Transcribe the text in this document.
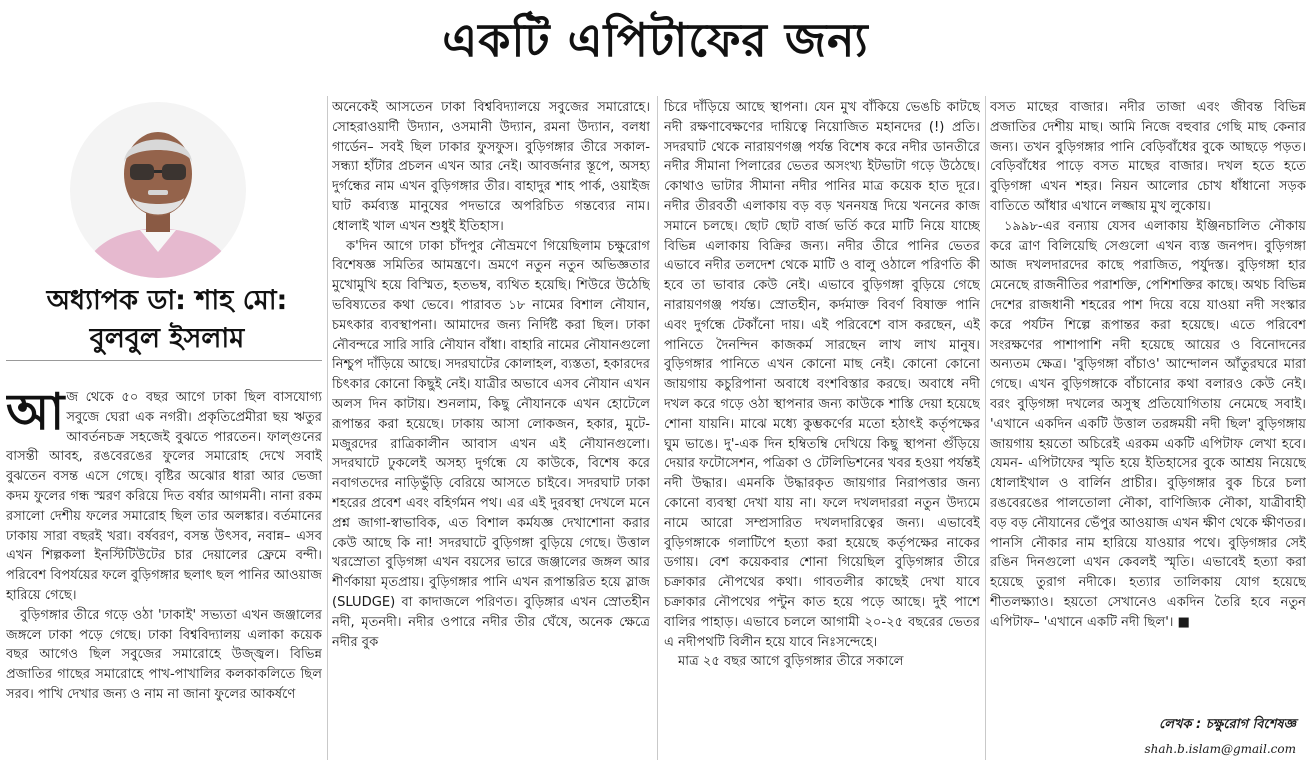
একটি এপিটাফের জন্য
অধ্যাপক ডা: শাহ মো:
বুলবুল ইসলাম

আজ থেকে ৫০ বছর আগে ঢাকা ছিল বাসযোগ্য সবুজে ঘেরা এক নগরী। প্রকৃতিপ্রেমীরা ছয় ঋতুর আবর্তনচক্র সহজেই বুঝতে পারতেন। ফাল্গুনের বাসন্তী আবহ, রঙবেরঙের ফুলের সমারোহ দেখে সবাই বুঝতেন বসন্ত এসে গেছে। বৃষ্টির অঝোর ধারা আর ভেজা কদম ফুলের গন্ধ স্মরণ করিয়ে দিত বর্ষার আগমনী। নানা রকম রসালো দেশীয় ফলের সমারোহ ছিল তার অলঙ্কার। বর্তমানের ঢাকায় সারা বছরই খরা। বর্ষবরণ, বসন্ত উৎসব, নবান্ন– এসব এখন শিল্পকলা ইনস্টিটিউটের চার দেয়ালের ফ্রেমে বন্দী। পরিবেশ বিপর্যয়ের ফলে বুড়িগঙ্গার ছলাৎ ছল পানির আওয়াজ হারিয়ে গেছে।

বুড়িগঙ্গার তীরে গড়ে ওঠা 'ঢাকাই' সভ্যতা এখন জঞ্জালের জঙ্গলে ঢাকা পড়ে গেছে। ঢাকা বিশ্ববিদ্যালয় এলাকা কয়েক বছর আগেও ছিল সবুজের সমারোহে উজ্জ্বল। বিভিন্ন প্রজাতির গাছের সমারোহে পাখ-পাখালির কলকাকলিতে ছিল সরব। পাখি দেখার জন্য ও নাম না জানা ফুলের আকর্ষণে

অনেকেই আসতেন ঢাকা বিশ্ববিদ্যালয়ে সবুজের সমারোহে। সোহরাওয়ার্দী উদ্যান, ওসমানী উদ্যান, রমনা উদ্যান, বলধা গার্ডেন– সবই ছিল ঢাকার ফুসফুস। বুড়িগঙ্গার তীরে সকাল-সন্ধ্যা হাঁটার প্রচলন এখন আর নেই। আবর্জনার স্তূপে, অসহ্য দুর্গন্ধের নাম এখন বুড়িগঙ্গার তীর। বাহাদুর শাহ পার্ক, ওয়াইজ ঘাট কর্মব্যস্ত মানুষের পদভারে অপরিচিত গন্তব্যের নাম। ধোলাই খাল এখন শুধুই ইতিহাস।

ক'দিন আগে ঢাকা চাঁদপুর নৌভ্রমণে গিয়েছিলাম চক্ষুরোগ বিশেষজ্ঞ সমিতির আমন্ত্রণে। ভ্রমণে নতুন নতুন অভিজ্ঞতার মুখোমুখি হয়ে বিস্মিত, হতভম্ব, ব্যথিত হয়েছি। শিউরে উঠেছি ভবিষ্যতের কথা ভেবে। পারাবত ১৮ নামের বিশাল নৌযান, চমৎকার ব্যবস্থাপনা। আমাদের জন্য নির্দিষ্ট করা ছিল। ঢাকা নৌবন্দরে সারি সারি নৌযান বাঁধা। বাহারি নামের নৌযানগুলো নিশ্চুপ দাঁড়িয়ে আছে। সদরঘাটের কোলাহল, ব্যস্ততা, হকারদের চিৎকার কোনো কিছুই নেই। যাত্রীর অভাবে এসব নৌযান এখন অলস দিন কাটায়। শুনলাম, কিছু নৌযানকে এখন হোটেলে রূপান্তর করা হয়েছে। ঢাকায় আসা লোকজন, হকার, মুটে-মজুরদের রাত্রিকালীন আবাস এখন এই নৌযানগুলো। সদরঘাটে ঢুকলেই অসহ্য দুর্গন্ধে যে কাউকে, বিশেষ করে নবাগতদের নাড়িভুঁড়ি বেরিয়ে আসতে চাইবে। সদরঘাট ঢাকা শহরের প্রবেশ এবং বহির্গমন পথ। এর এই দুরবস্থা দেখলে মনে প্রশ্ন জাগা-স্বাভাবিক, এত বিশাল কর্মযজ্ঞ দেখাশোনা করার কেউ আছে কি না! সদরঘাটে বুড়িগঙ্গা বুড়িয়ে গেছে। উত্তাল খরস্রোতা বুড়িগঙ্গা এখন বয়সের ভারে জঞ্জালের জঙ্গল আর শীর্ণকায়া মৃতপ্রায়। বুড়িগঙ্গার পানি এখন রূপান্তরিত হয়ে স্লাজ (SLUDGE) বা কাদাজলে পরিণত। বুড়িঙ্গার এখন স্রোতহীন নদী, মৃতনদী। নদীর ওপারে নদীর তীর ঘেঁষে, অনেক ক্ষেত্রে নদীর বুক

চিরে দাঁড়িয়ে আছে স্থাপনা। যেন মুখ বাঁকিয়ে ভেঙচি কাটছে নদী রক্ষণাবেক্ষণের দায়িত্বে নিয়োজিত মহানদের (!) প্রতি। সদরঘাট থেকে নারায়ণগঞ্জ পর্যন্ত বিশেষ করে নদীর ডানতীরে নদীর সীমানা পিলারের ভেতর অসংখ্য ইটভাটা গড়ে উঠেছে। কোথাও ভাটার সীমানা নদীর পানির মাত্র কয়েক হাত দূরে। নদীর তীরবর্তী এলাকায় বড় বড় খননযন্ত্র দিয়ে খননের কাজ সমানে চলছে। ছোট ছোট বার্জ ভর্তি করে মাটি নিয়ে যাচ্ছে বিভিন্ন এলাকায় বিক্রির জন্য। নদীর তীরে পানির ভেতর এভাবে নদীর তলদেশ থেকে মাটি ও বালু ওঠালে পরিণতি কী হবে তা ভাবার কেউ নেই। এভাবে বুড়িগঙ্গা বুড়িয়ে গেছে নারায়ণগঞ্জ পর্যন্ত। স্রোতহীন, কর্দমাক্ত বিবর্ণ বিষাক্ত পানি এবং দুর্গন্ধে টেকাঁনো দায়। এই পরিবেশে বাস করছেন, এই পানিতে দৈনন্দিন কাজকর্ম সারছেন লাখ লাখ মানুষ। বুড়িগঙ্গার পানিতে এখন কোনো মাছ নেই। কোনো কোনো জায়গায় কচুরিপানা অবাধে বংশবিস্তার করছে। অবাধে নদী দখল করে গড়ে ওঠা স্থাপনার জন্য কাউকে শাস্তি দেয়া হয়েছে শোনা যায়নি। মাঝে মধ্যে কুম্ভকর্ণের মতো হঠাৎই কর্তৃপক্ষের ঘুম ভাঙে। দু'-এক দিন হম্বিতম্বি দেখিয়ে কিছু স্থাপনা গুঁড়িয়ে দেয়ার ফটোসেশন, পত্রিকা ও টেলিভিশনের খবর হওয়া পর্যন্তই নদী উদ্ধার। এমনকি উদ্ধারকৃত জায়গার নিরাপত্তার জন্য কোনো ব্যবস্থা দেখা যায় না। ফলে দখলদাররা নতুন উদ্যমে নামে আরো সম্প্রসারিত দখলদারিত্বের জন্য। এভাবেই বুড়িগঙ্গাকে গলাটিপে হত্যা করা হয়েছে কর্তৃপক্ষের নাকের ডগায়। বেশ কয়েকবার শোনা গিয়েছিল বুড়িগঙ্গার তীরে চক্রাকার নৌপথের কথা। গাবতলীর কাছেই দেখা যাবে চক্রাকার নৌপথের পন্টুন কাত হয়ে পড়ে আছে। দুই পাশে বালির পাহাড়। এভাবে চললে আগামী ২০-২৫ বছরের ভেতর এ নদীপথটি বিলীন হয়ে যাবে নিঃসন্দেহে।

মাত্র ২৫ বছর আগে বুড়িগঙ্গার তীরে সকালে

বসত মাছের বাজার। নদীর তাজা এবং জীবন্ত বিভিন্ন প্রজাতির দেশীয় মাছ। আমি নিজে বহুবার গেছি মাছ কেনার জন্য। তখন বুড়িগঙ্গার পানি বেড়িবাঁধের বুকে আছড়ে পড়ত। বেড়িবাঁধের পাড়ে বসত মাছের বাজার। দখল হতে হতে বুড়িগঙ্গা এখন শহর। নিয়ন আলোর চোখ ধাঁধানো সড়ক বাতিতে আঁধার এখানে লজ্জায় মুখ লুকোয়।

১৯৯৮-এর বন্যায় যেসব এলাকায় ইঞ্জিনচালিত নৌকায় করে ত্রাণ বিলিয়েছি সেগুলো এখন ব্যস্ত জনপদ। বুড়িগঙ্গা আজ দখলদারদের কাছে পরাজিত, পর্যুদস্ত। বুড়িগঙ্গা হার মেনেছে রাজনীতির পরাশক্তি, পেশিশক্তির কাছে। অথচ বিভিন্ন দেশের রাজধানী শহরের পাশ দিয়ে বয়ে যাওয়া নদী সংস্কার করে পর্যটন শিল্পে রূপান্তর করা হয়েছে। এতে পরিবেশ সংরক্ষণের পাশাপাশি নদী হয়েছে আয়ের ও বিনোদনের অন্যতম ক্ষেত্র। 'বুড়িগঙ্গা বাঁচাও' আন্দোলন আঁতুরঘরে মারা গেছে। এখন বুড়িগঙ্গাকে বাঁচানোর কথা বলারও কেউ নেই। বরং বুড়িগঙ্গা দখলের অসুস্থ প্রতিযোগিতায় নেমেছে সবাই। 'এখানে একদিন একটি উত্তাল তরঙ্গময়ী নদী ছিল' বুড়িগঙ্গায় জায়গায় হয়তো অচিরেই এরকম একটি এপিটাফ লেখা হবে। যেমন- এপিটাফের স্মৃতি হয়ে ইতিহাসের বুকে আশ্রয় নিয়েছে ধোলাইখাল ও বার্লিন প্রাচীর। বুড়িগঙ্গার বুক চিরে চলা রঙবেরঙের পালতোলা নৌকা, বাণিজ্যিক নৌকা, যাত্রীবাহী বড় বড় নৌযানের ভেঁপুর আওয়াজ এখন ক্ষীণ থেকে ক্ষীণতর। পানসি নৌকার নাম হারিয়ে যাওয়ার পথে। বুড়িগঙ্গার সেই রঙিন দিনগুলো এখন কেবলই স্মৃতি। এভাবেই হত্যা করা হয়েছে তুরাগ নদীকে। হত্যার তালিকায় যোগ হয়েছে শীতলক্ষ্যাও। হয়তো সেখানেও একদিন তৈরি হবে নতুন এপিটাফ– 'এখানে একটি নদী ছিল'। ■

লেখক : চক্ষুরোগ বিশেষজ্ঞ
shah.b.islam@gmail.com
